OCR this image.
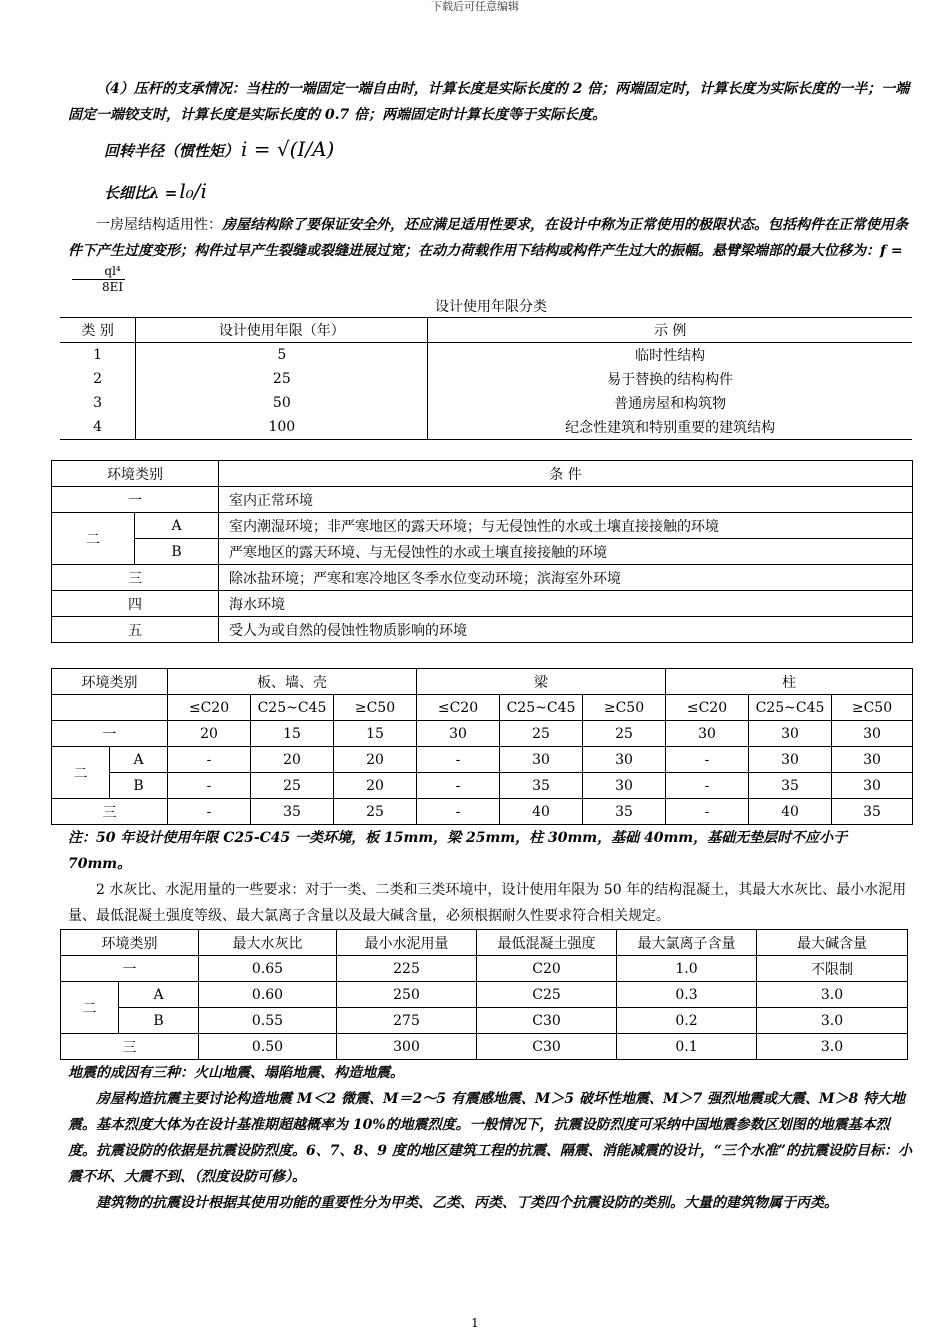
下载后可任意编辑

（4）压杆的支承情况：当柱的一端固定一端自由时，计算长度是实际长度的 2 倍；两端固定时，计算长度为实际长度的一半；一端固定一端铰支时，计算长度是实际长度的 0.7 倍；两端固定时计算长度等于实际长度。

回转半径（惯性矩） i = √(I/A)
长细比λ = l₀/i

一房屋结构适用性：房屋结构除了要保证安全外，还应满足适用性要求，在设计中称为正常使用的极限状态。包括构件在正常使用条件下产生过度变形；构件过早产生裂缝或裂缝进展过宽；在动力荷载作用下结构或构件产生过大的振幅。悬臂梁端部的最大位移为：f =
$\frac{\text{ql⁴}}{8EI}$

设计使用年限分类
类 别	设计使用年限（年）	示 例
1	5	临时性结构
2	25	易于替换的结构构件
3	50	普通房屋和构筑物
4	100	纪念性建筑和特别重要的建筑结构
环境类别		条 件
一		室内正常环境
二	A	室内潮湿环境；非严寒地区的露天环境；与无侵蚀性的水或土壤直接接触的环境
	B	严寒地区的露天环境、与无侵蚀性的水或土壤直接接触的环境
三		除冰盐环境；严寒和寒冷地区冬季水位变动环境；滨海室外环境
四		海水环境
五		受人为或自然的侵蚀性物质影响的环境
环境类别		板、墙、壳			梁			柱		
		≤C20	C25~C45	≥C50	≤C20	C25~C45	≥C50	≤C20	C25~C45	≥C50
一		20	15	15	30	25	25	30	30	30
二	A	-	20	20	-	30	30	-	30	30
	B	-	25	20	-	35	30	-	35	30
三		-	35	25	-	40	35	-	40	35

注：50 年设计使用年限 C25-C45 一类环境，板 15mm，梁 25mm，柱 30mm，基础 40mm，基础无垫层时不应小于 70mm。

2 水灰比、水泥用量的一些要求：对于一类、二类和三类环境中，设计使用年限为 50 年的结构混凝土，其最大水灰比、最小水泥用量、最低混凝土强度等级、最大氯离子含量以及最大碱含量，必须根据耐久性要求符合相关规定。

环境类别		最大水灰比	最小水泥用量	最低混凝土强度	最大氯离子含量	最大碱含量
一		0.65	225	C20	1.0	不限制
二	A	0.60	250	C25	0.3	3.0
	B	0.55	275	C30	0.2	3.0
三		0.50	300	C30	0.1	3.0

地震的成因有三种：火山地震、塌陷地震、构造地震。

房屋构造抗震主要讨论构造地震 M＜2 微震、M＝2～5 有震感地震、M＞5 破坏性地震、M＞7 强烈地震或大震、M＞8 特大地震。基本烈度大体为在设计基准期超越概率为 10%的地震烈度。一般情况下，抗震设防烈度可采纳中国地震参数区划图的地震基本烈度。抗震设防的依据是抗震设防烈度。6、7、8、9 度的地区建筑工程的抗震、隔震、消能减震的设计，“三个水准”的抗震设防目标：小震不坏、大震不到、（烈度设防可修）。

建筑物的抗震设计根据其使用功能的重要性分为甲类、乙类、丙类、丁类四个抗震设防的类别。大量的建筑物属于丙类。

1
